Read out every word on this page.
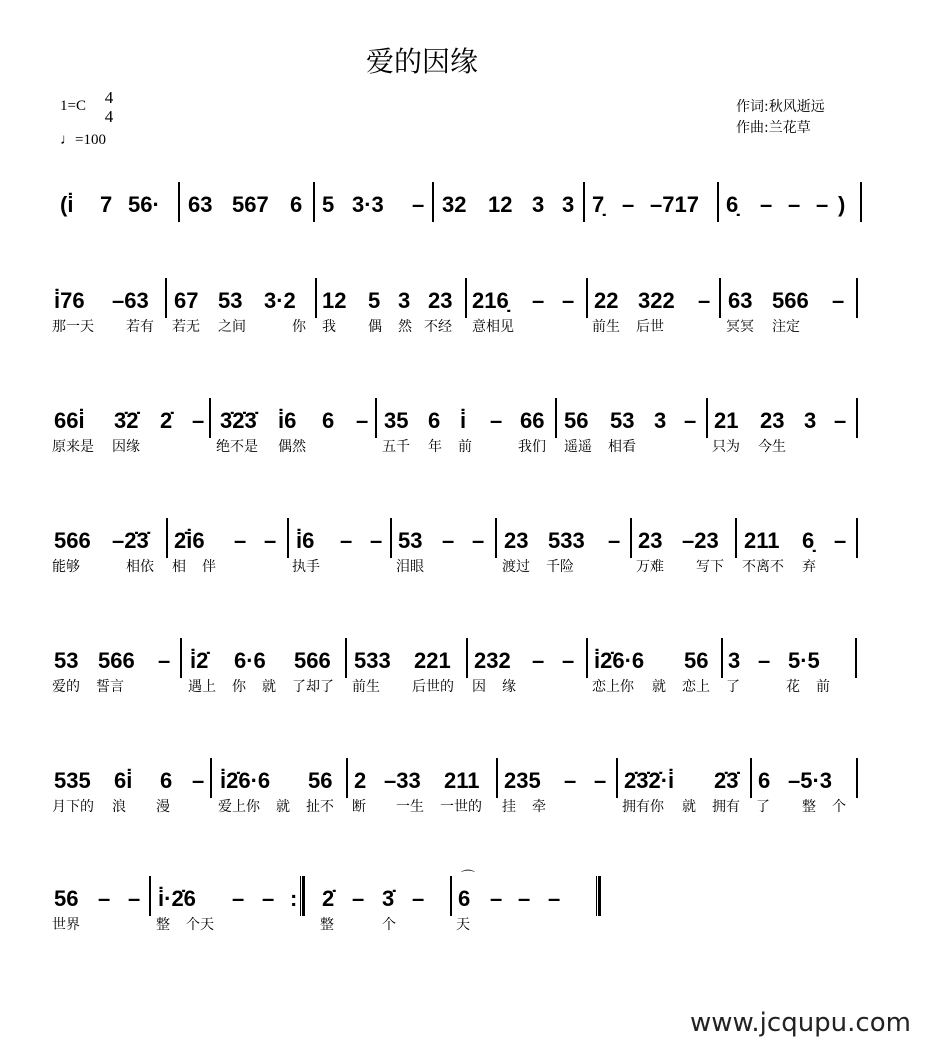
爱的因缘
1=C 4
4
♩=100
作词:秋风逝远
作曲:兰花草
(i̇ 7 56· 63 567 6 5 3·3 – 32 12 3 3 7̣ – –717 6̣ – – – )
i̇76 –63 67 53 3·2 12 5 3 23 216̣ – – 22 322 – 63 566 –
那一天 若有 若无 之间	你 我 偶 然 不经 意相见	前生 后世	冥冥 注定
66i̇ 3̇2̇ 2̇ – 3̇2̇3̇ i̇6 6 – 35 6 i̇ – 66 56 53 3 – 21 23 3 –
原来是 因缘	绝不是 偶然	五千 年 前	我们 遥遥 相看	只为 今生
566 –2̇3̇ 2̇i̇6 – – i̇6 – – 53 – – 23 533 – 23 –23 211 6̣ –
能够	相依 相 伴	执手	泪眼	渡过 千险	万难 写下 不离不 弃
53 566 – i̇2̇ 6·6 566 533 221 232 – – i̇2̇6·6 56 3 – 5·5
爱的 誓言	遇上 你 就 了却了 前生 后世的 因 缘	恋上你 就 恋上 了	花 前
535 6i̇ 6 – i̇2̇6·6 56 2 –33 211 235 – – 2̇3̇2̇·i̇ 2̇3̇ 6 –5·3
月下的 浪 漫	爱上你 就 扯不 断 一生 一世的 挂 牵	拥有你 就 拥有 了 整 个
56 – – i̇·2̇6 – – : 2̇ – 3̇ – 6 – – –
⌒
世界	整 个天	整	个	天
www.jcqupu.com
